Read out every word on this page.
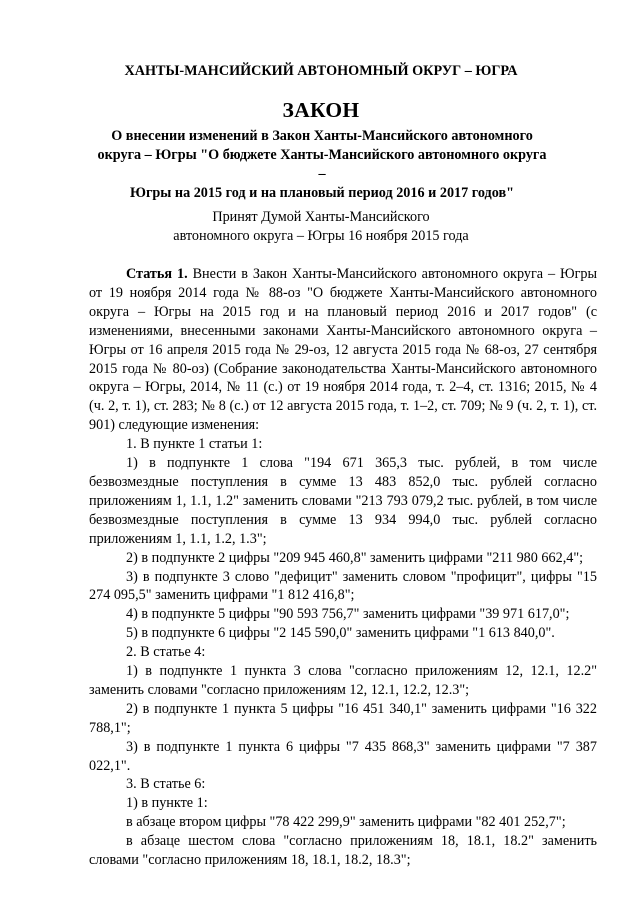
ХАНТЫ-МАНСИЙСКИЙ АВТОНОМНЫЙ ОКРУГ – ЮГРА
ЗАКОН
О внесении изменений в Закон Ханты-Мансийского автономного
округа – Югры "О бюджете Ханты-Мансийского автономного округа –
Югры на 2015 год и на плановый период 2016 и 2017 годов"

Принят Думой Ханты-Мансийского
автономного округа – Югры 16 ноября 2015 года

Статья 1. Внести в Закон Ханты-Мансийского автономного округа – Югры от 19 ноября 2014 года № 88-оз "О бюджете Ханты-Мансийского автономного округа – Югры на 2015 год и на плановый период 2016 и 2017 годов" (с изменениями, внесенными законами Ханты-Мансийского автономного округа – Югры от 16 апреля 2015 года № 29-оз, 12 августа 2015 года № 68-оз, 27 сентября 2015 года № 80-оз) (Собрание законодательства Ханты-Мансийского автономного округа – Югры, 2014, № 11 (с.) от 19 ноября 2014 года, т. 2–4, ст. 1316; 2015, № 4 (ч. 2, т. 1), ст. 283; № 8 (с.) от 12 августа 2015 года, т. 1–2, ст. 709; № 9 (ч. 2, т. 1), ст. 901) следующие изменения:

1. В пункте 1 статьи 1:

1) в подпункте 1 слова "194 671 365,3 тыс. рублей, в том числе безвозмездные поступления в сумме 13 483 852,0 тыс. рублей согласно приложениям 1, 1.1, 1.2" заменить словами "213 793 079,2 тыс. рублей, в том числе безвозмездные поступления в сумме 13 934 994,0 тыс. рублей согласно приложениям 1, 1.1, 1.2, 1.3";

2) в подпункте 2 цифры "209 945 460,8" заменить цифрами "211 980 662,4";

3) в подпункте 3 слово "дефицит" заменить словом "профицит", цифры "15 274 095,5" заменить цифрами "1 812 416,8";

4) в подпункте 5 цифры "90 593 756,7" заменить цифрами "39 971 617,0";

5) в подпункте 6 цифры "2 145 590,0" заменить цифрами "1 613 840,0".

2. В статье 4:

1) в подпункте 1 пункта 3 слова "согласно приложениям 12, 12.1, 12.2" заменить словами "согласно приложениям 12, 12.1, 12.2, 12.3";

2) в подпункте 1 пункта 5 цифры "16 451 340,1" заменить цифрами "16 322 788,1";

3) в подпункте 1 пункта 6 цифры "7 435 868,3" заменить цифрами "7 387 022,1".

3. В статье 6:

1) в пункте 1:

в абзаце втором цифры "78 422 299,9" заменить цифрами "82 401 252,7";

в абзаце шестом слова "согласно приложениям 18, 18.1, 18.2" заменить словами "согласно приложениям 18, 18.1, 18.2, 18.3";
